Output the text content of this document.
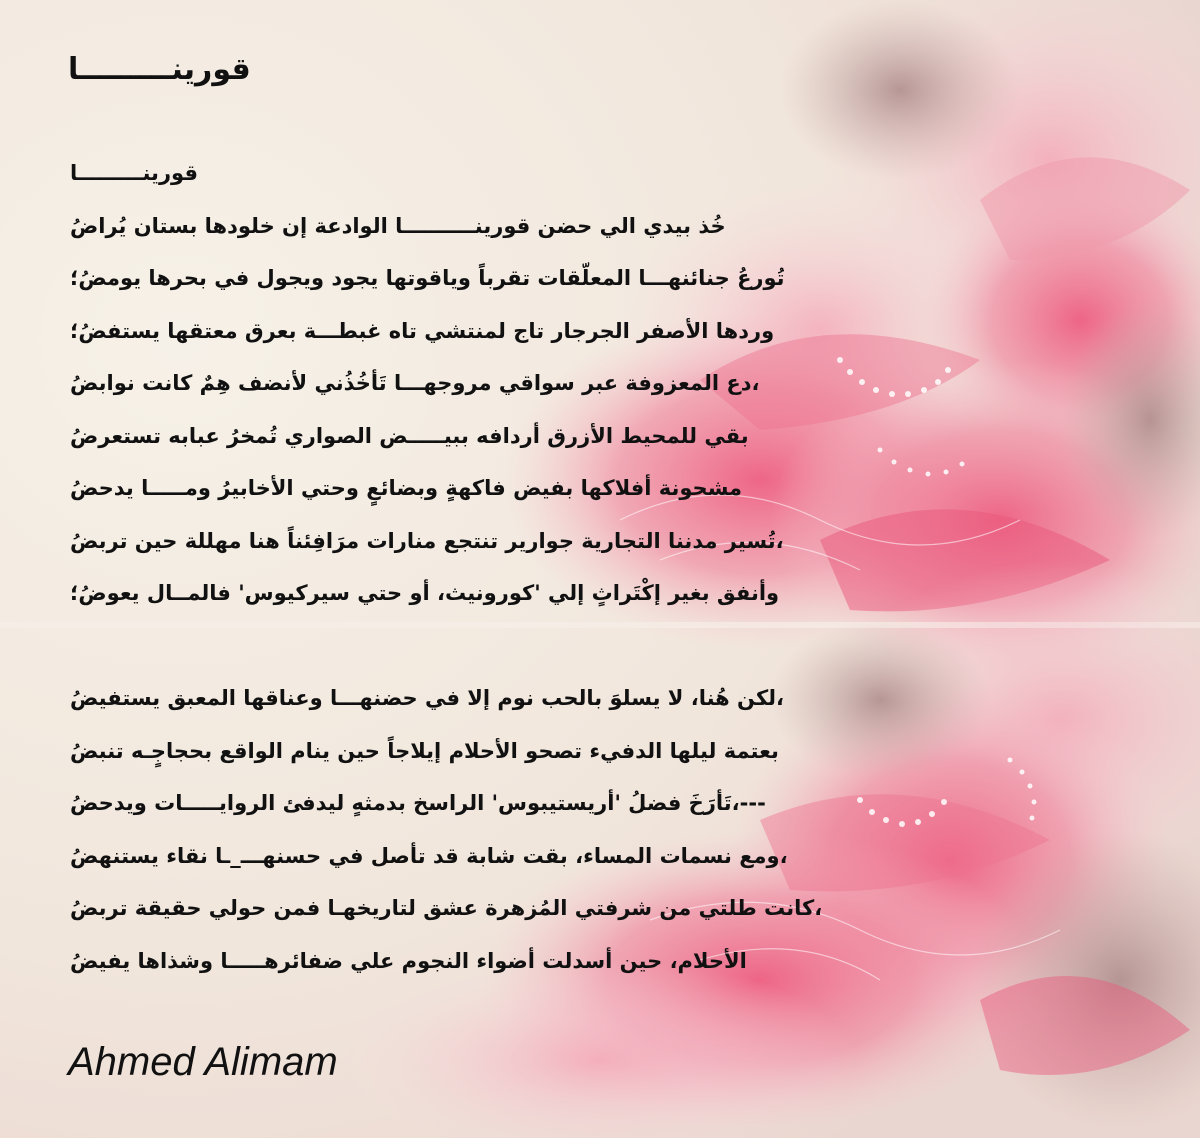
قورينـــــــــا
قورينـــــــــا
خُذ بيدي الي حضن قورينــــــــــا الوادعة إن خلودها بستان يُراضُ
تُورعُ جنائنهـــا المعلّقات تقرباً وياقوتها يجود ويجول في بحرها يومضُ؛
وردها الأصفر الجرجار تاج لمنتشي تاه غبطـــة بعرق معتقها يستفضُ؛
،دع المعزوفة عبر سواقي مروجهـــا تَأخُذُني لأنضف هِمٌ كانت نوابضُ
بقي للمحيط الأزرق أردافه ببيـــــض الصواري تُمخرُ عبابه تستعرضُ
مشحونة أفلاكها بفيض فاكهةٍ وبضائعٍ وحتي الأخابيرُ ومـــــا يدحضُ
،تُسير مدننا التجارية جوارير تنتجع منارات مرَافِئناً هنا مهللة حين تربضُ
وأنفق بغير إكْتَراثٍ إلي 'كورونيث، أو حتي سيركيوس' فالمــال يعوضُ؛
،لكن هُنا، لا يسلوَ بالحب نوم إلا في حضنهـــا وعناقها المعبق يستفيضُ
بعتمة ليلها الدفيء تصحو الأحلام إيلاجاً حين ينام الواقع بحجاجٍـه تنبضُ
---،تَأرَخَ فضلُ 'أريستيبوس' الراسخ بدمثهٍ ليدفئ الروايـــــات ويدحضُ
،ومع نسمات المساء، بقت شابة قد تأصل في حسنهـــ_ـا نقاء يستنهضُ
،كانت طلتي من شرفتي المُزهرة عشق لتاريخهـا فمن حولي حقيقة تربضُ
الأحلام، حين أسدلت أضواء النجوم علي ضفائرهـــــا وشذاها يفيضُ
Ahmed Alimam
